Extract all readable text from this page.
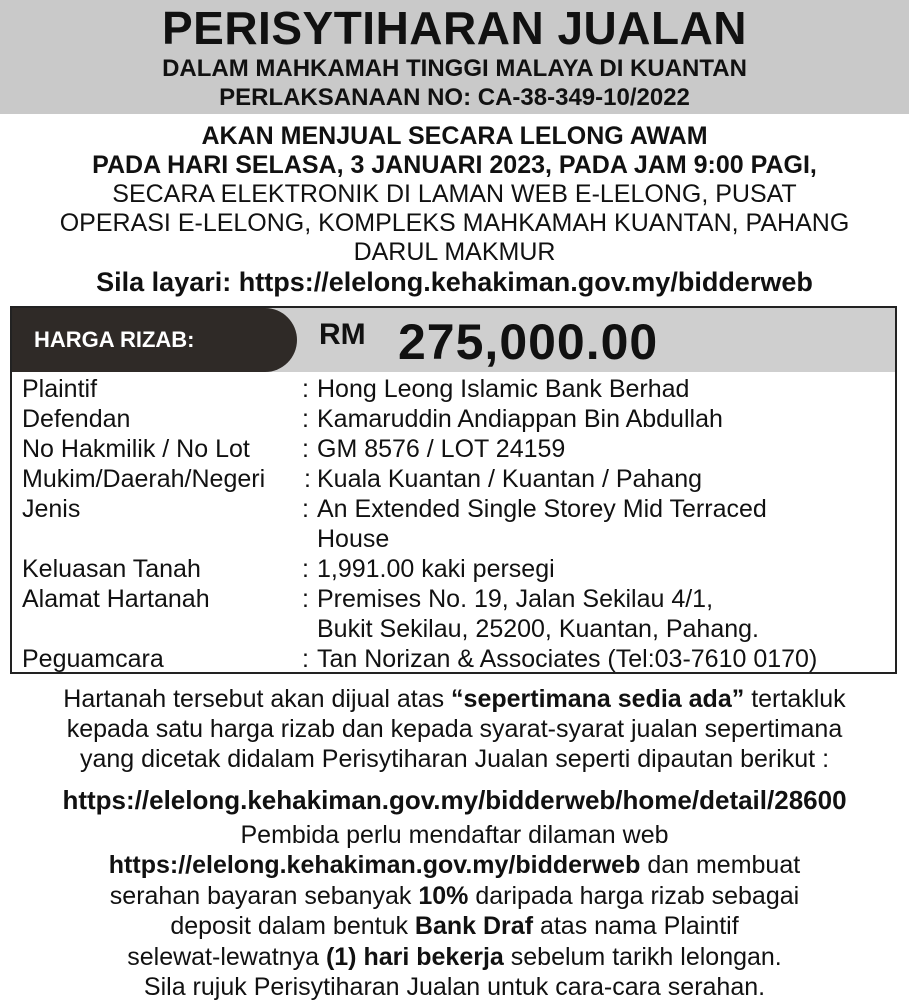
PERISYTIHARAN JUALAN
DALAM MAHKAMAH TINGGI MALAYA DI KUANTAN
PERLAKSANAAN NO: CA-38-349-10/2022
AKAN MENJUAL SECARA LELONG AWAM
PADA HARI SELASA, 3 JANUARI 2023, PADA JAM 9:00 PAGI,
SECARA ELEKTRONIK DI LAMAN WEB E-LELONG, PUSAT
OPERASI E-LELONG, KOMPLEKS MAHKAMAH KUANTAN, PAHANG
DARUL MAKMUR
Sila layari: https://elelong.kehakiman.gov.my/bidderweb
HARGA RIZAB:	RM 275,000.00
Plaintif	: Hong Leong Islamic Bank Berhad
Defendan	: Kamaruddin Andiappan Bin Abdullah
No Hakmilik / No Lot : GM 8576 / LOT 24159
Mukim/Daerah/Negeri : Kuala Kuantan / Kuantan / Pahang
Jenis	: An Extended Single Storey Mid Terraced
House
Keluasan Tanah	: 1,991.00 kaki persegi
Alamat Hartanah	: Premises No. 19, Jalan Sekilau 4/1,
Bukit Sekilau, 25200, Kuantan, Pahang.
Peguamcara	: Tan Norizan & Associates (Tel:03-7610 0170)
Hartanah tersebut akan dijual atas “sepertimana sedia ada” tertakluk
kepada satu harga rizab dan kepada syarat-syarat jualan sepertimana
yang dicetak didalam Perisytiharan Jualan seperti dipautan berikut :
https://elelong.kehakiman.gov.my/bidderweb/home/detail/28600
Pembida perlu mendaftar dilaman web
https://elelong.kehakiman.gov.my/bidderweb dan membuat
serahan bayaran sebanyak 10% daripada harga rizab sebagai
deposit dalam bentuk Bank Draf atas nama Plaintif
selewat-lewatnya (1) hari bekerja sebelum tarikh lelongan.
Sila rujuk Perisytiharan Jualan untuk cara-cara serahan.
